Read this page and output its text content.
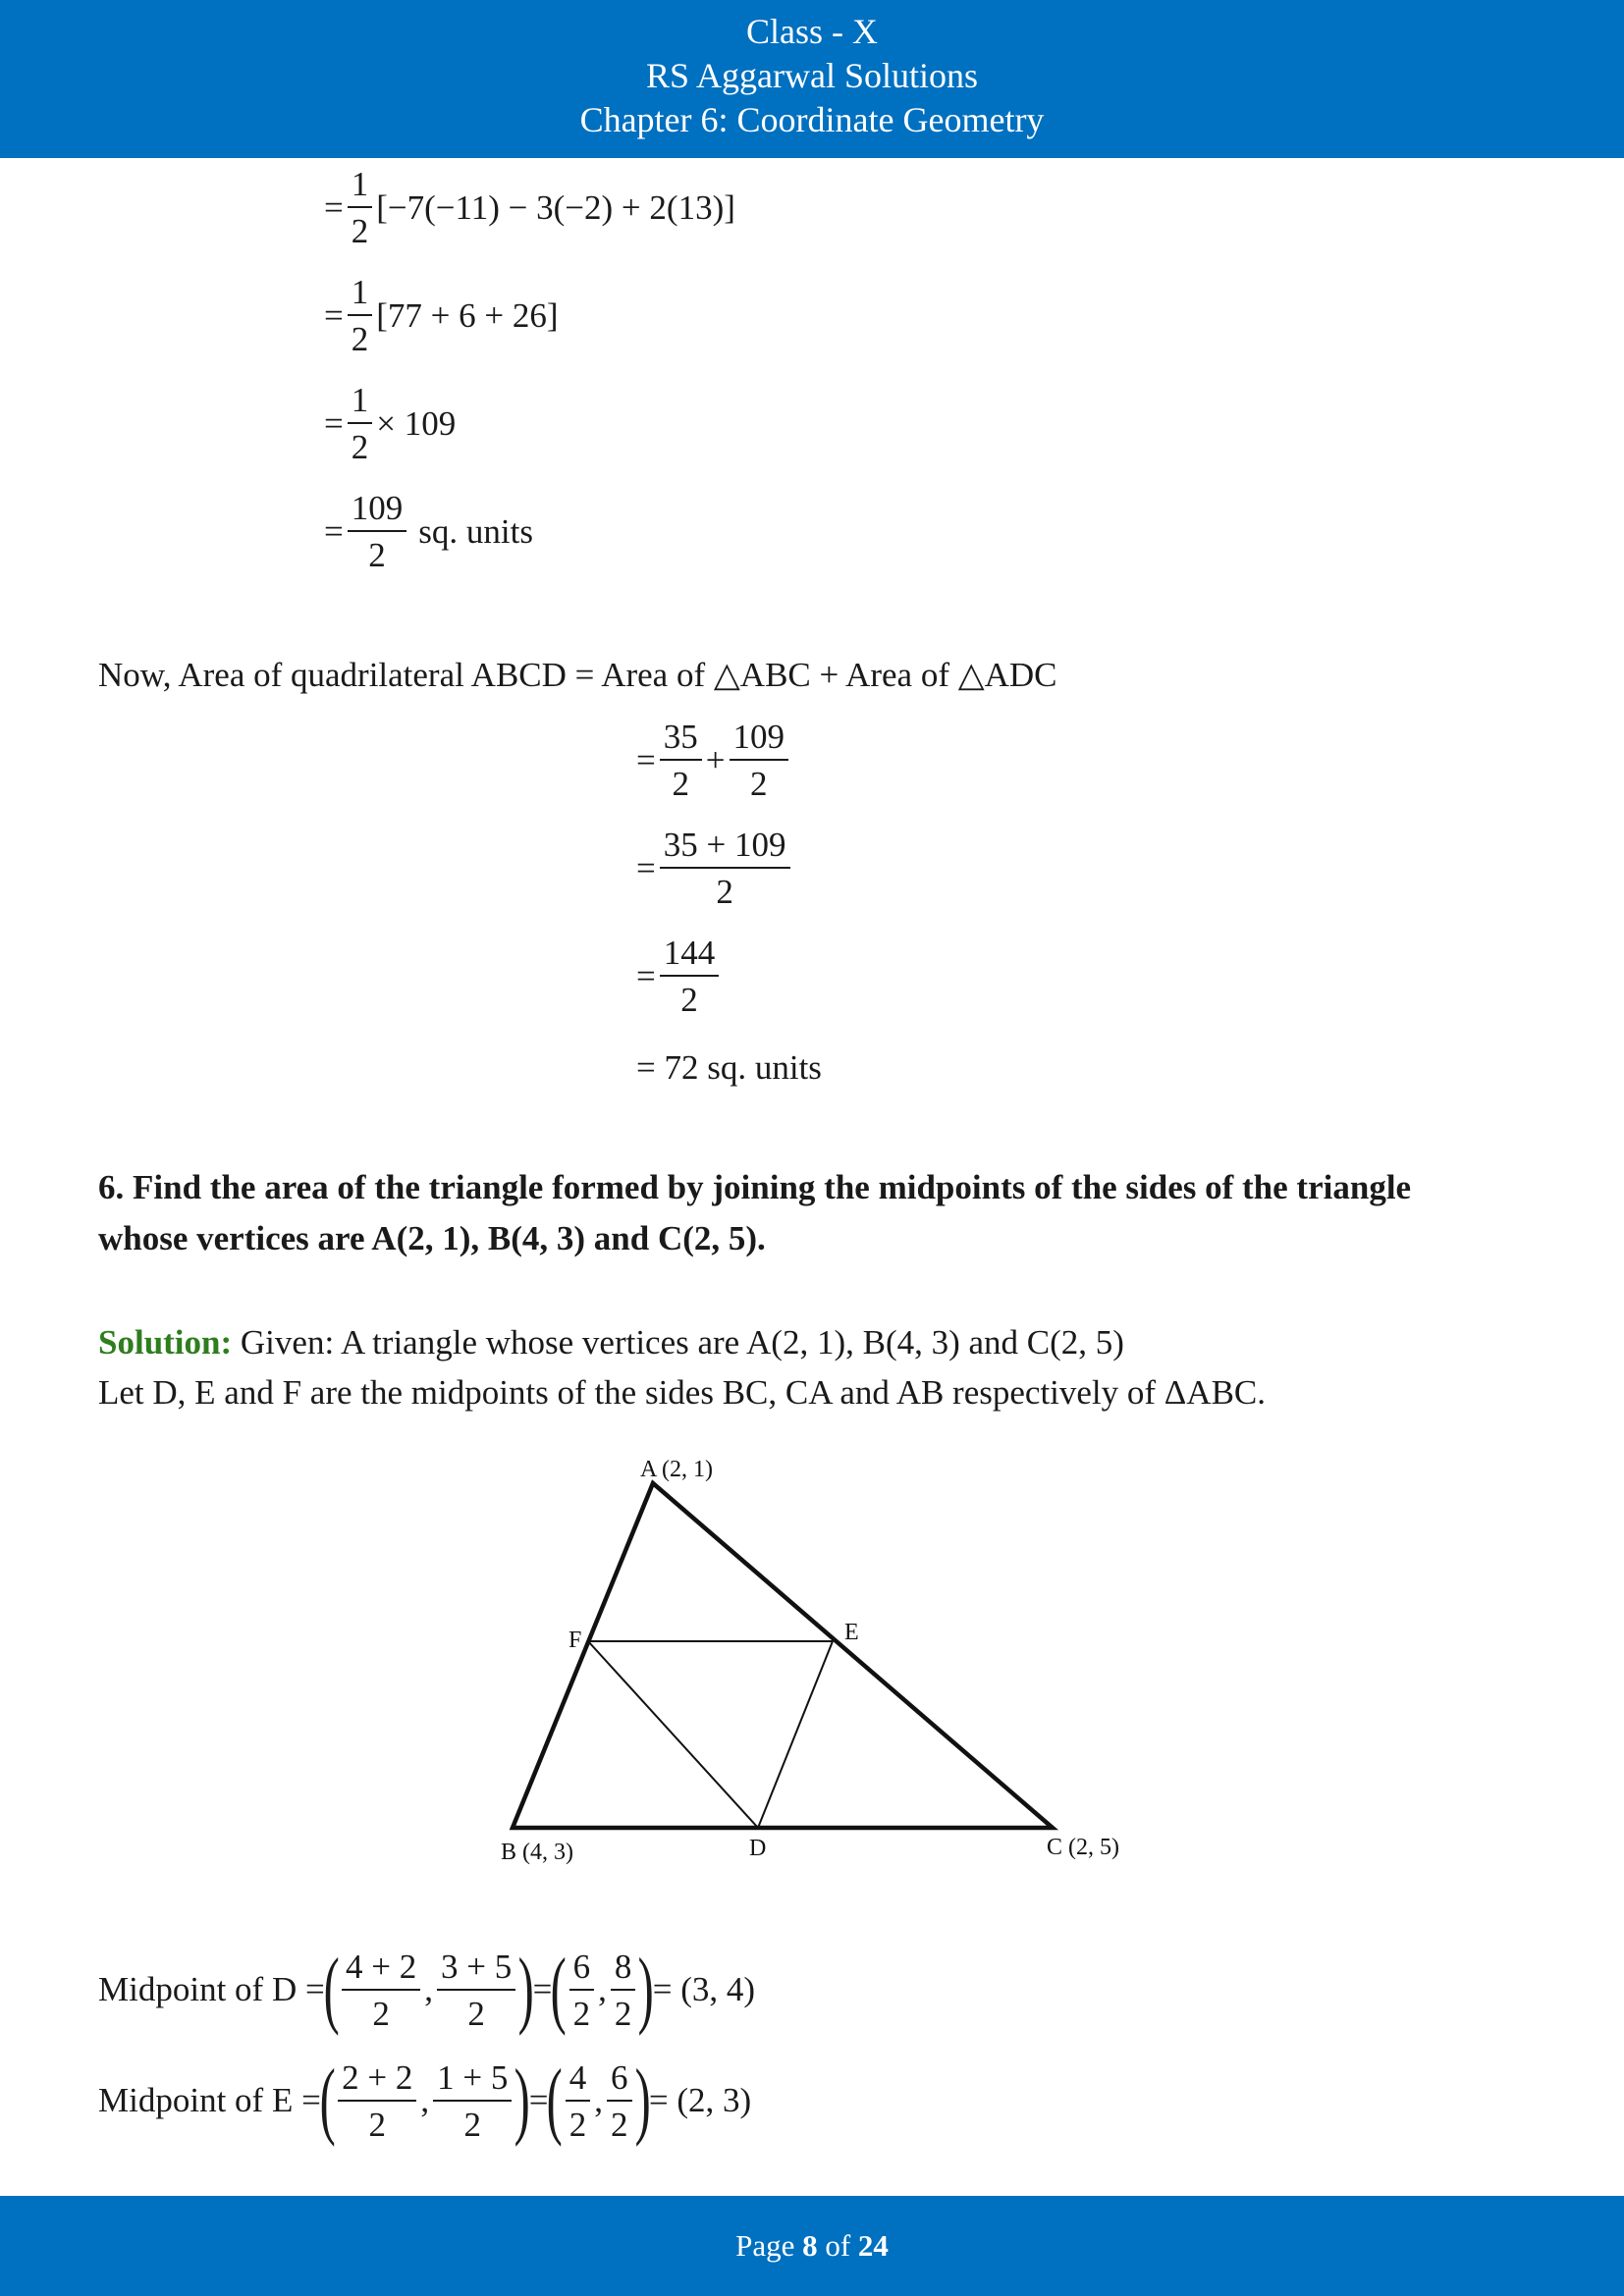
Class - X
RS Aggarwal Solutions
Chapter 6: Coordinate Geometry
= $\frac{1}{2} [-7(-11) - 3(-2) + 2(13)]$
= $\frac{1}{2} [77 + 6 + 26]$
= $\frac{1}{2} \times 109$
= $\frac{109}{2}$ sq. units
Now, Area of quadrilateral ABCD = Area of △ABC + Area of △ADC
= $\frac{35}{2} + \frac{109}{2}$
= $\frac{35 + 109}{2}$
= $\frac{144}{2}$
= 72 sq. units
6. Find the area of the triangle formed by joining the midpoints of the sides of the triangle whose vertices are A(2, 1), B(4, 3) and C(2, 5).
Solution: Given: A triangle whose vertices are A(2, 1), B(4, 3) and C(2, 5)
Let D, E and F are the midpoints of the sides BC, CA and AB respectively of ΔABC.
A (2, 1)
B (4, 3)	C (2, 5)
D
E
F
Midpoint of D =
( $\frac{4 + 2}{2}$ , $\frac{3 + 5}{2}$ )
=
( $\frac{6}{2}$ , $\frac{8}{2}$ )
= (3, 4)
Midpoint of E =
( $\frac{2 + 2}{2}$ , $\frac{1 + 5}{2}$ )
=
( $\frac{4}{2}$ , $\frac{6}{2}$ )
= (2, 3)
Page 8 of 24
